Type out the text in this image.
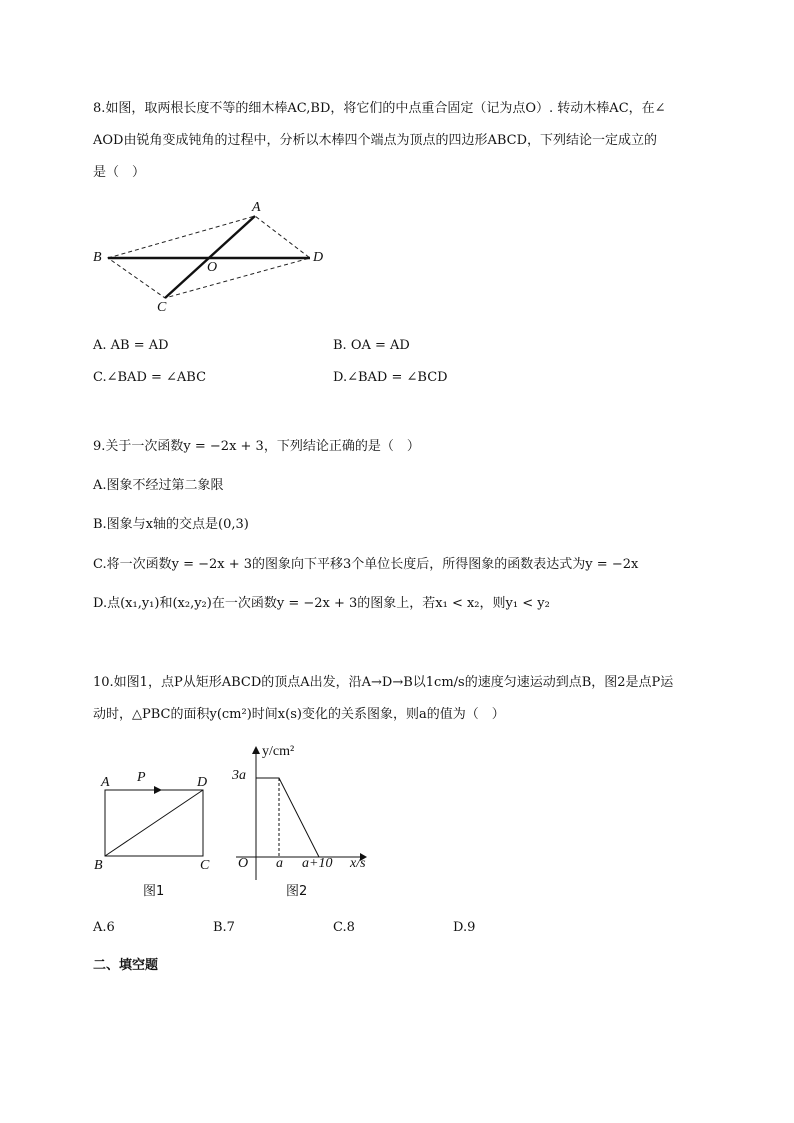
8.如图，取两根长度不等的细木棒AC,BD，将它们的中点重合固定（记为点O）. 转动木棒AC，在∠
AOD由锐角变成钝角的过程中，分析以木棒四个端点为顶点的四边形ABCD，下列结论一定成立的
是（　）
A
B
O
D
C
A. AB = AD	B. OA = AD
C.∠BAD = ∠ABC	D.∠BAD = ∠BCD
9.关于一次函数y = −2x + 3，下列结论正确的是（　）
A.图象不经过第二象限
B.图象与x轴的交点是(0,3)
C.将一次函数y = −2x + 3的图象向下平移3个单位长度后，所得图象的函数表达式为y = −2x
D.点(x₁,y₁)和(x₂,y₂)在一次函数y = −2x + 3的图象上，若x₁ < x₂，则y₁ < y₂
10.如图1，点P从矩形ABCD的顶点A出发，沿A→D→B以1cm/s的速度匀速运动到点B，图2是点P运
动时，△PBC的面积y(cm²)时间x(s)变化的关系图象，则a的值为（　）
A P	D
B	C
图1
y/cm²
3a
O a a+10 x/s
图2
A.6	B.7	C.8	D.9
二、填空题
